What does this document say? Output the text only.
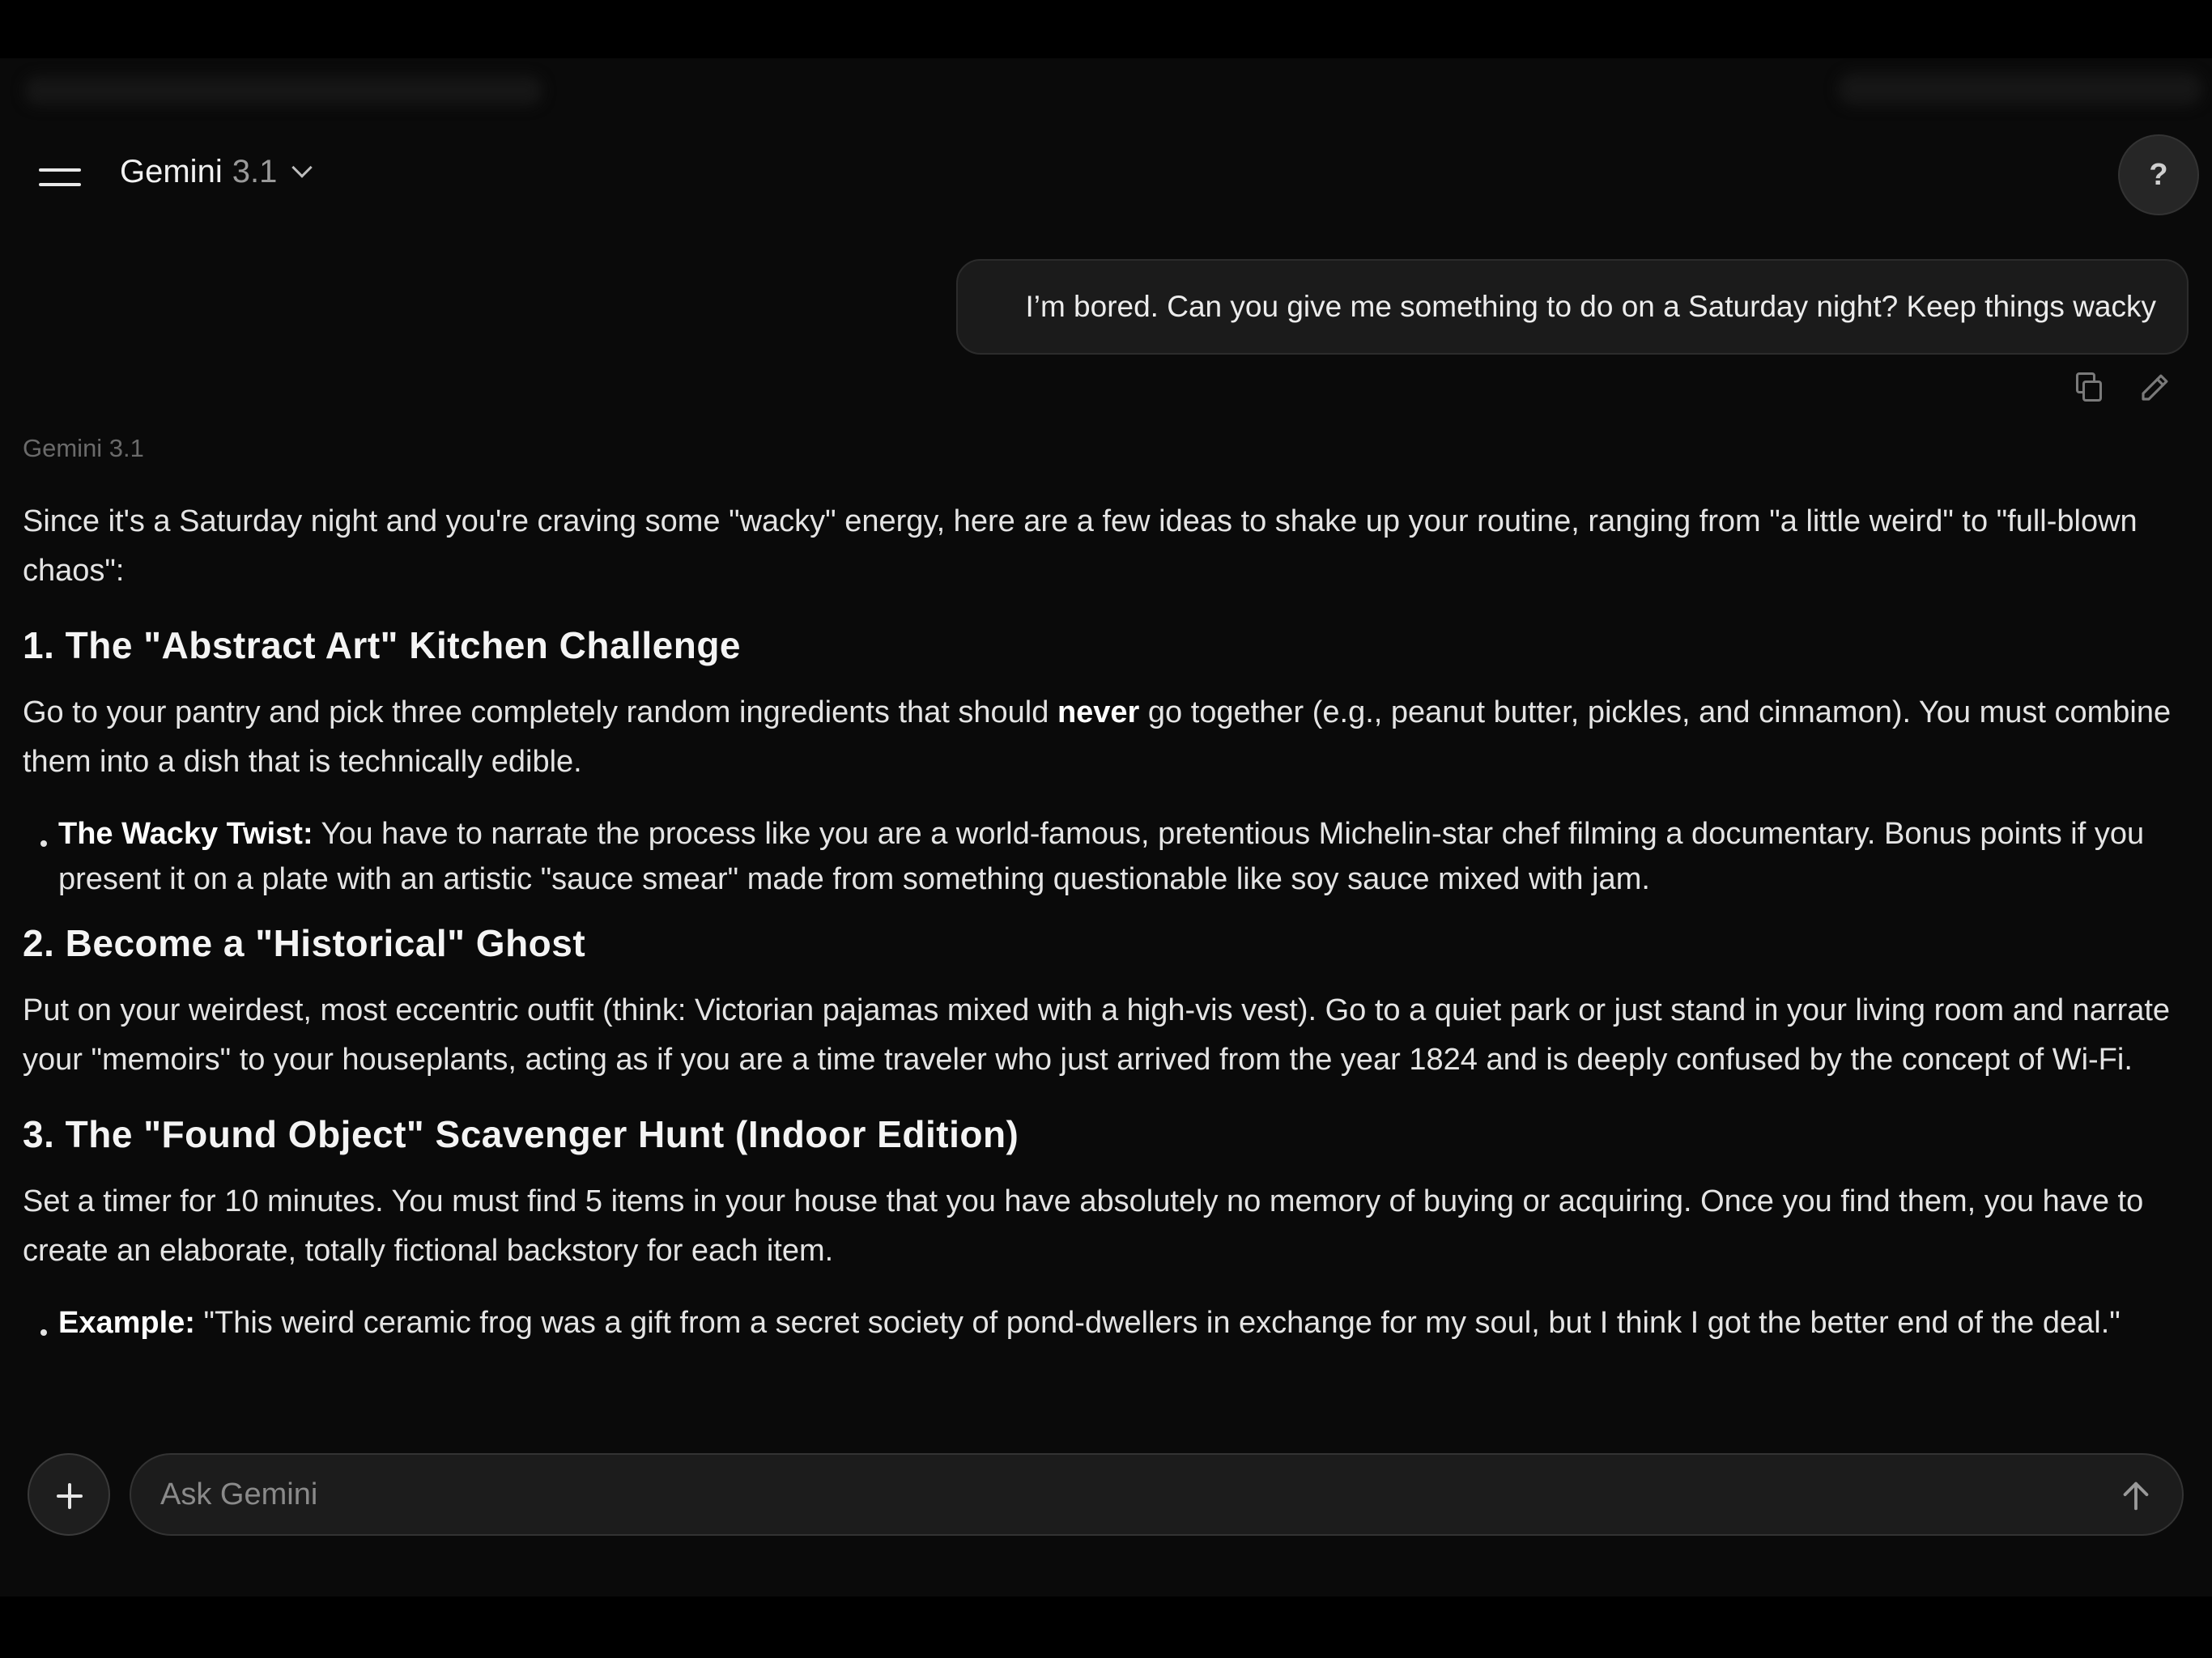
Gemini 3.1	?
I’m bored. Can you give me something to do on a Saturday night? Keep things wacky
Gemini 3.1

Since it's a Saturday night and you're craving some "wacky" energy, here are a few ideas to shake up your routine, ranging from "a little weird" to "full-blown chaos":

1. The "Abstract Art" Kitchen Challenge

Go to your pantry and pick three completely random ingredients that should never go together (e.g., peanut butter, pickles, and cinnamon). You must combine them into a dish that is technically edible.

The Wacky Twist: You have to narrate the process like you are a world-famous, pretentious Michelin-star chef filming a documentary. Bonus points if you present it on a plate with an artistic "sauce smear" made from something questionable like soy sauce mixed with jam.
2. Become a "Historical" Ghost

Put on your weirdest, most eccentric outfit (think: Victorian pajamas mixed with a high-vis vest). Go to a quiet park or just stand in your living room and narrate your "memoirs" to your houseplants, acting as if you are a time traveler who just arrived from the year 1824 and is deeply confused by the concept of Wi-Fi.

3. The "Found Object" Scavenger Hunt (Indoor Edition)

Set a timer for 10 minutes. You must find 5 items in your house that you have absolutely no memory of buying or acquiring. Once you find them, you have to create an elaborate, totally fictional backstory for each item.

Example: "This weird ceramic frog was a gift from a secret society of pond-dwellers in exchange for my soul, but I think I got the better end of the deal."
Ask Gemini
